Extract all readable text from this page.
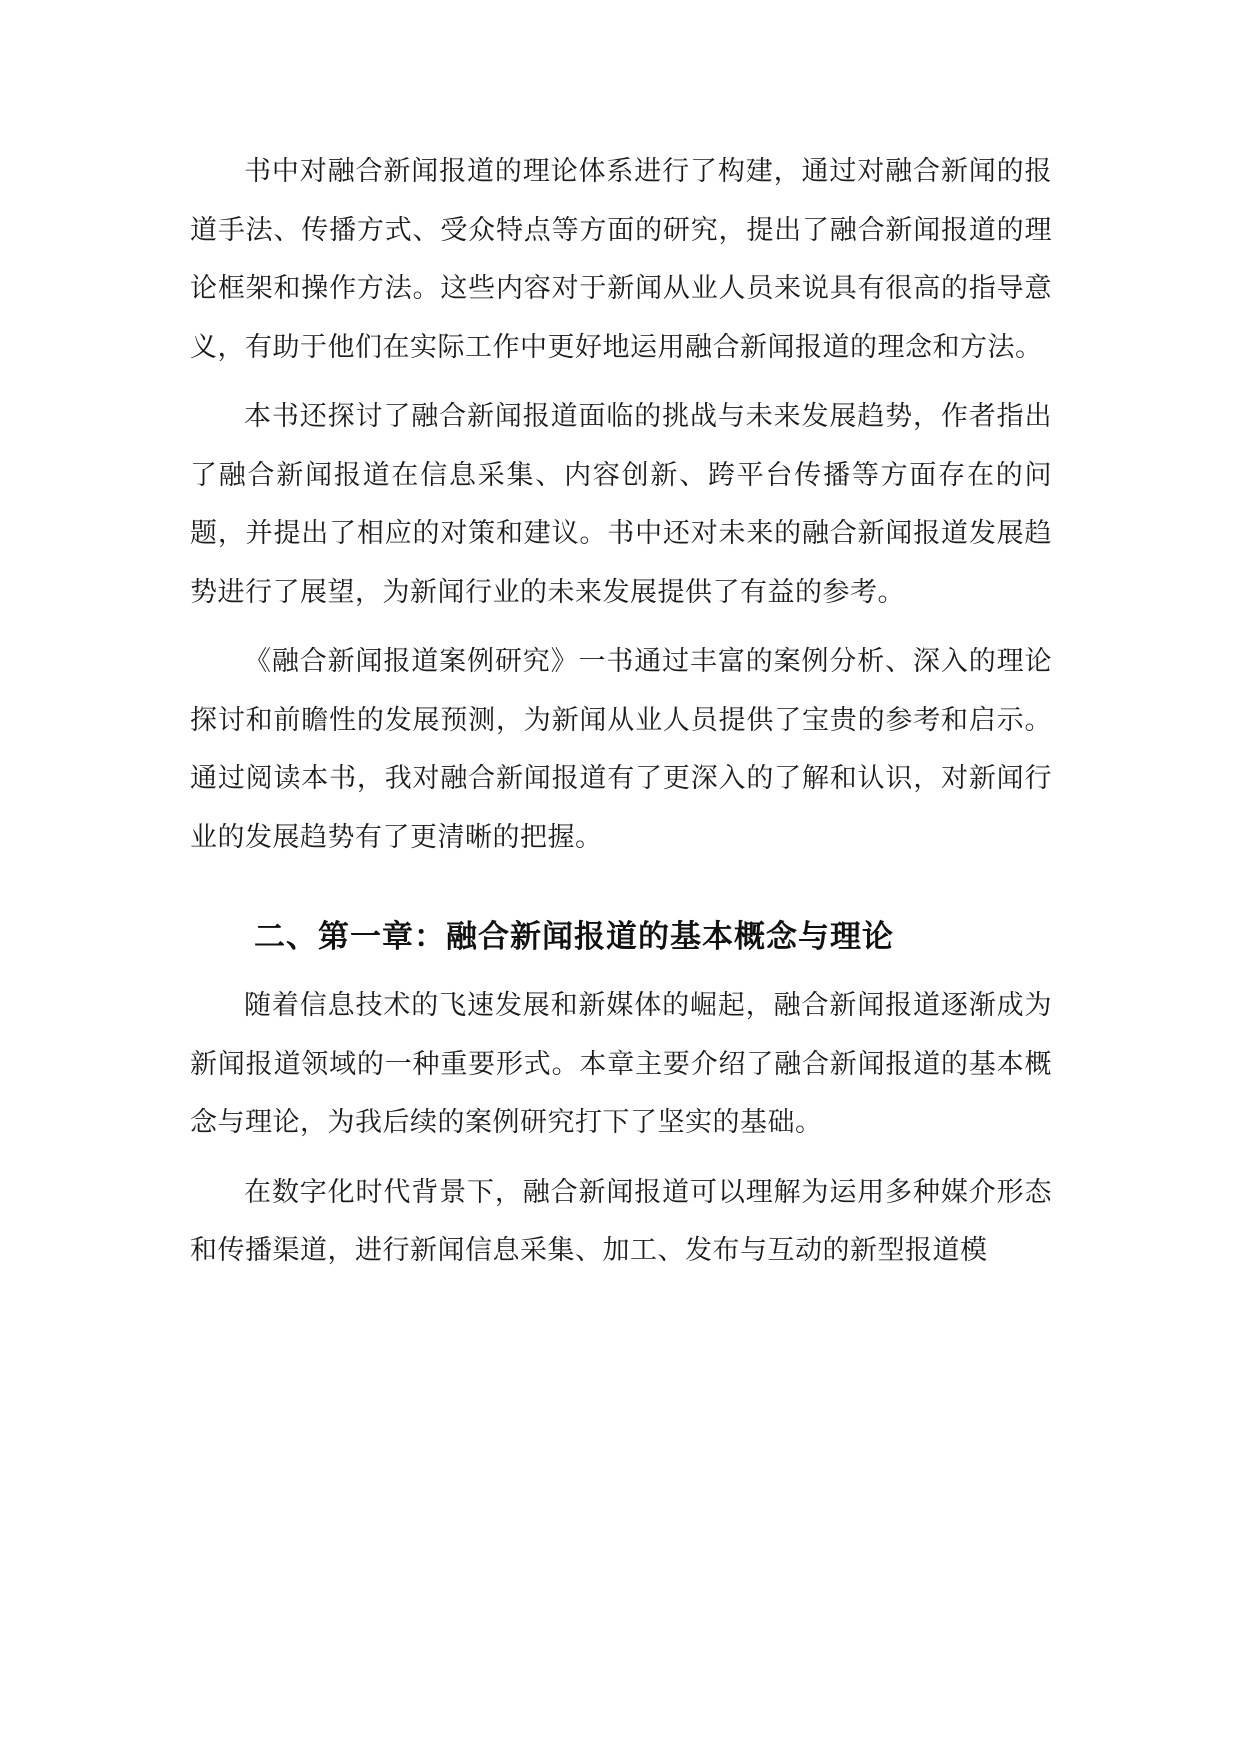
书中对融合新闻报道的理论体系进行了构建，通过对融合新闻的报道手法、传播方式、受众特点等方面的研究，提出了融合新闻报道的理论框架和操作方法。这些内容对于新闻从业人员来说具有很高的指导意义，有助于他们在实际工作中更好地运用融合新闻报道的理念和方法。

本书还探讨了融合新闻报道面临的挑战与未来发展趋势，作者指出了融合新闻报道在信息采集、内容创新、跨平台传播等方面存在的问题，并提出了相应的对策和建议。书中还对未来的融合新闻报道发展趋势进行了展望，为新闻行业的未来发展提供了有益的参考。

《融合新闻报道案例研究》一书通过丰富的案例分析、深入的理论探讨和前瞻性的发展预测，为新闻从业人员提供了宝贵的参考和启示。通过阅读本书，我对融合新闻报道有了更深入的了解和认识，对新闻行业的发展趋势有了更清晰的把握。

二、第一章：融合新闻报道的基本概念与理论

随着信息技术的飞速发展和新媒体的崛起，融合新闻报道逐渐成为新闻报道领域的一种重要形式。本章主要介绍了融合新闻报道的基本概念与理论，为我后续的案例研究打下了坚实的基础。

在数字化时代背景下，融合新闻报道可以理解为运用多种媒介形态和传播渠道，进行新闻信息采集、加工、发布与互动的新型报道模
